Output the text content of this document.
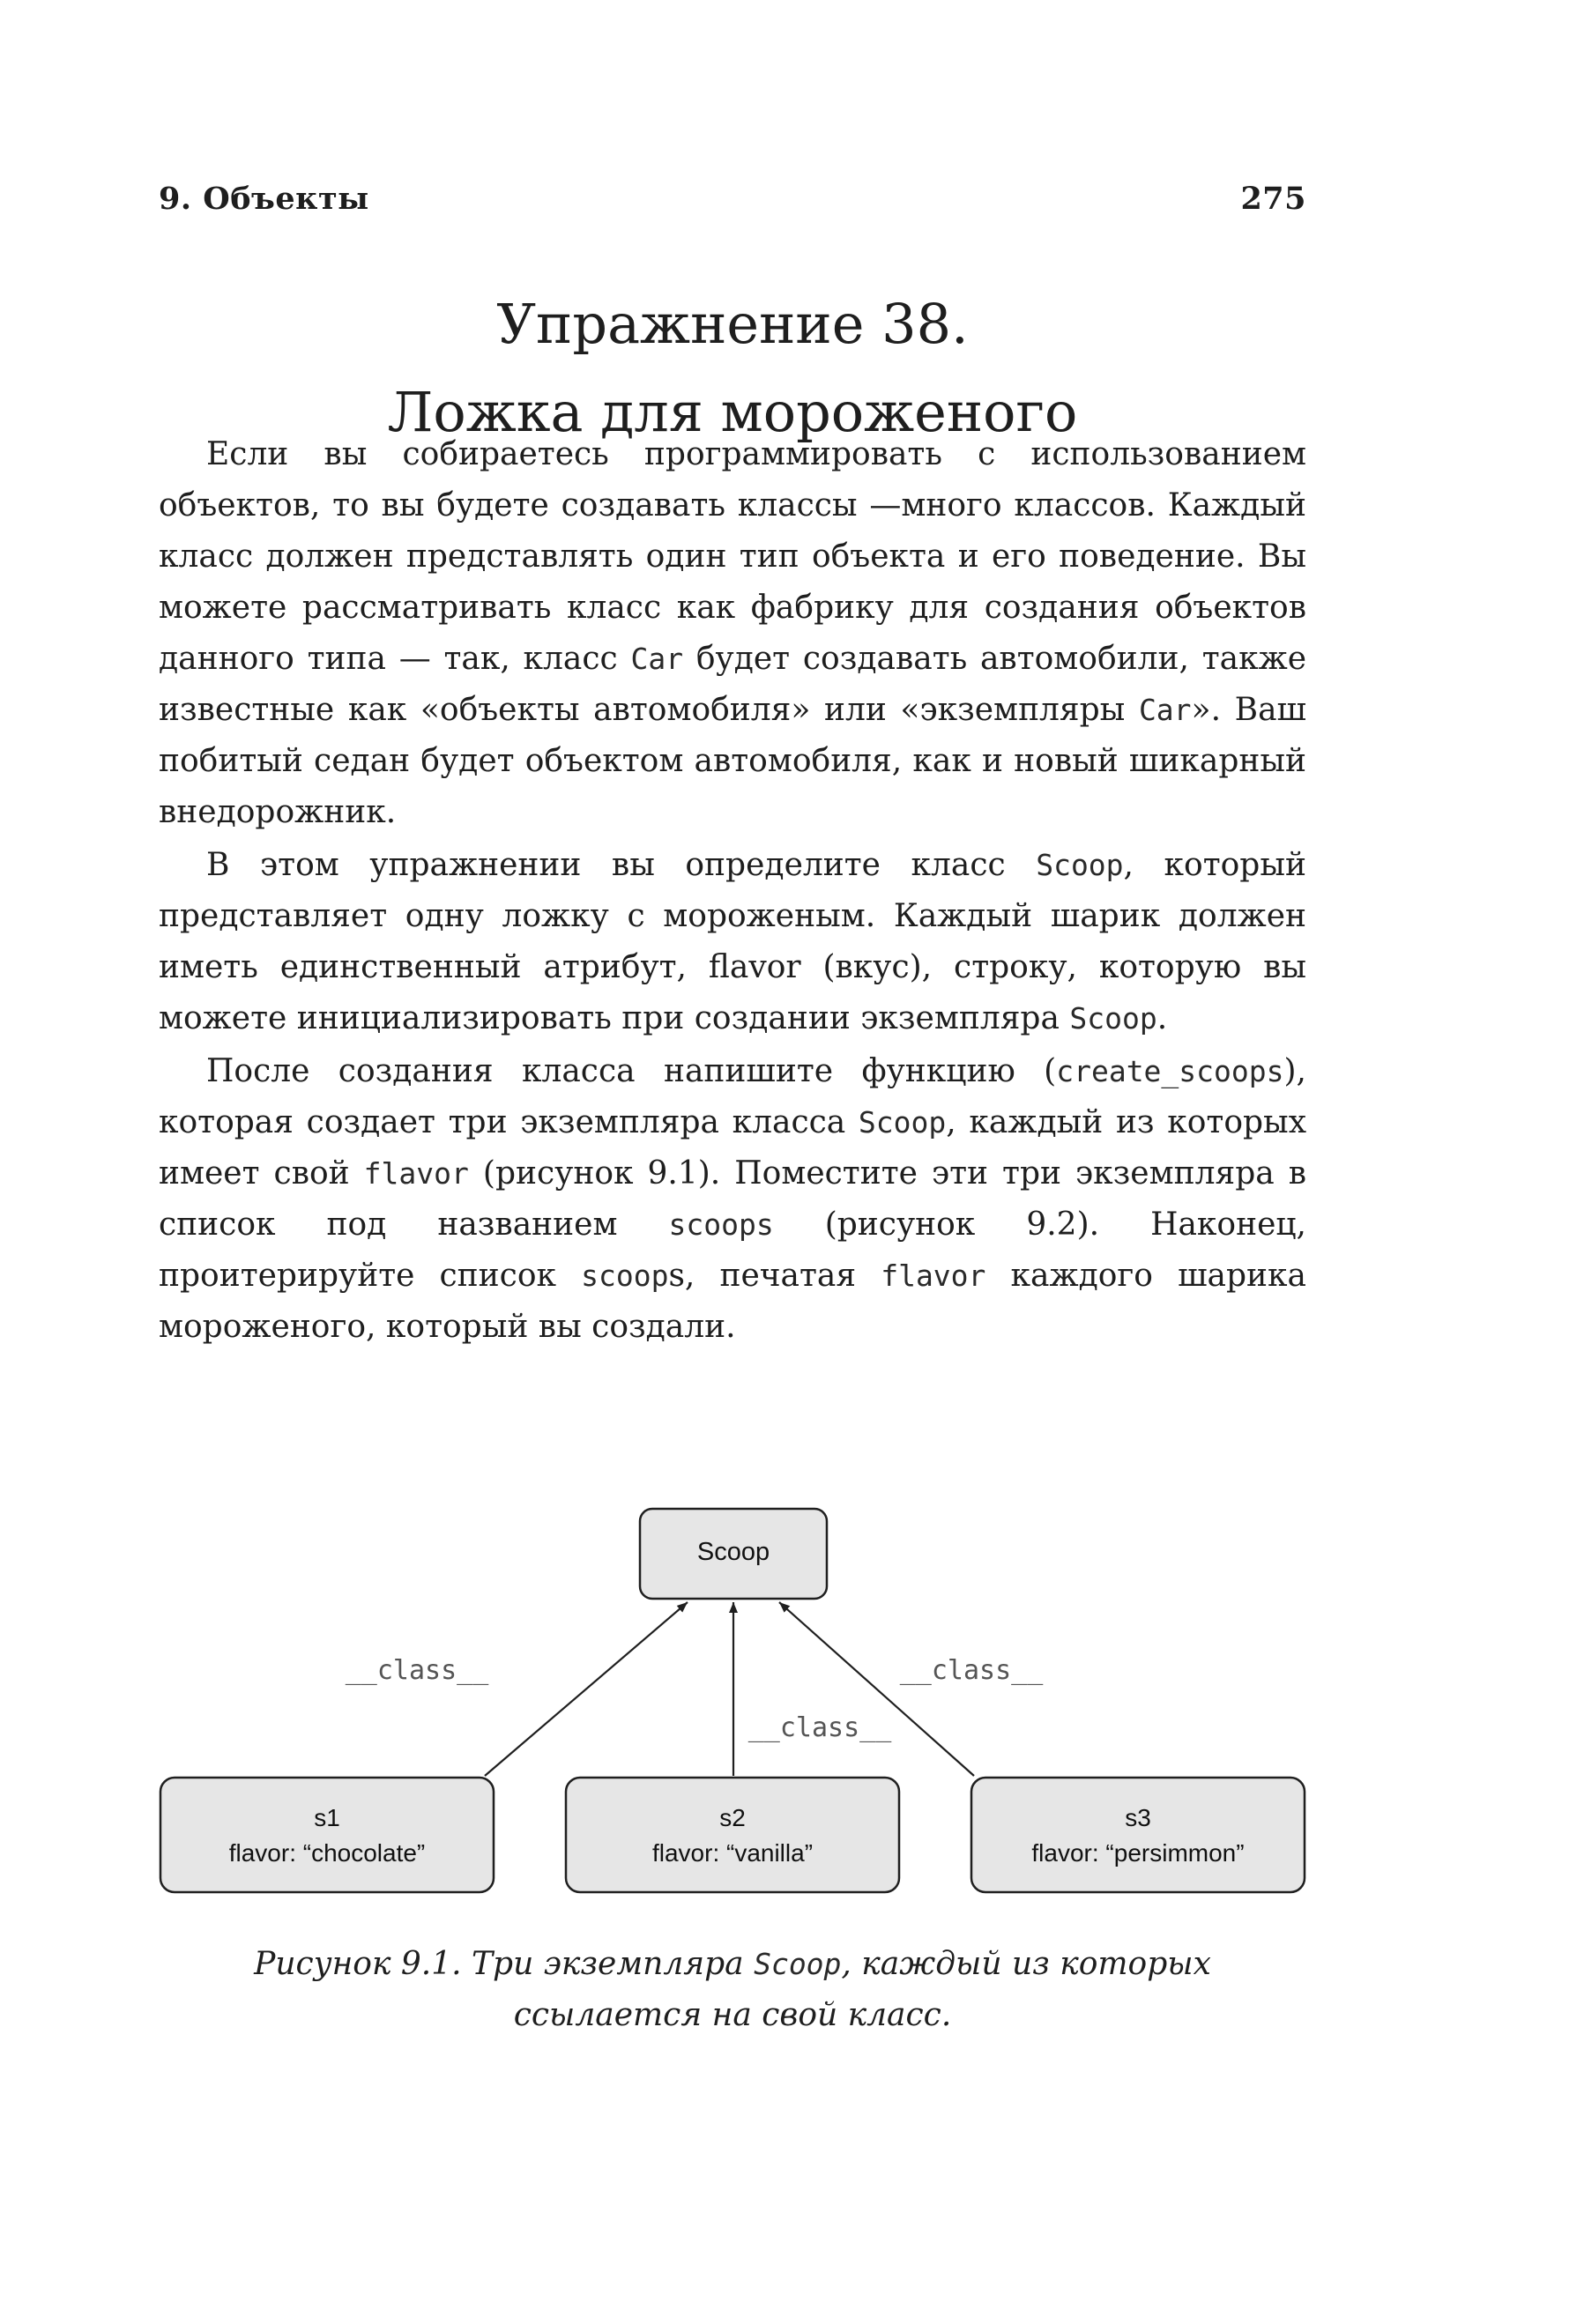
9. Объекты	275
Упражнение 38.
Ложка для мороженого

Если вы собираетесь программировать с использованием объектов, то вы будете создавать классы —много классов. Каждый класс должен представлять один тип объекта и его поведение. Вы можете рассматривать класс как фабрику для создания объектов данного типа — так, класс Car будет создавать автомобили, также известные как «объекты автомобиля» или «экземпляры Car». Ваш побитый седан будет объектом автомобиля, как и новый шикарный внедорожник.

В этом упражнении вы определите класс Scoop, который представляет одну ложку с мороженым. Каждый шарик должен иметь единственный атрибут, flavor (вкус), строку, которую вы можете инициализировать при создании экземпляра Scoop.

После создания класса напишите функцию (create_scoops), которая создает три экземпляра класса Scoop, каждый из которых имеет свой flavor (рисунок 9.1). Поместите эти три экземпляра в список под названием scoops (рисунок 9.2). Наконец, проитерируйте список scoops, печатая flavor каждого шарика мороженого, который вы создали.

Scoop
__class__
__class__
__class__
s1
flavor: “chocolate”
s2
flavor: “vanilla”
s3
flavor: “persimmon”
Рисунок 9.1. Три экземпляра Scoop, каждый из которых ссылается на свой класс.
